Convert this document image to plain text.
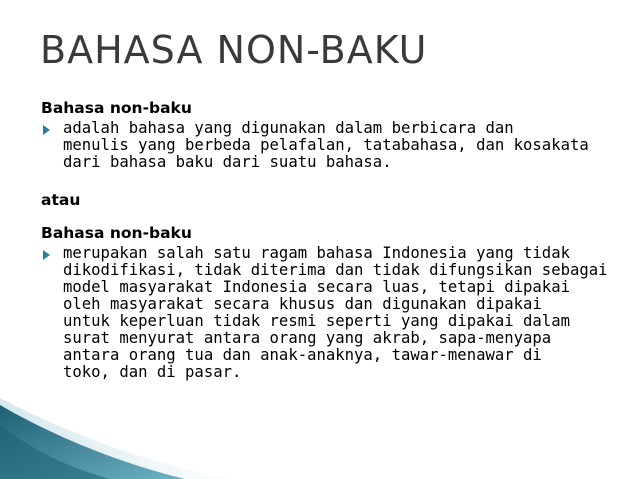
BAHASA NON-BAKU

Bahasa non-baku

adalah bahasa yang digunakan dalam berbicara dan

menulis yang berbeda pelafalan, tatabahasa, dan kosakata

dari bahasa baku dari suatu bahasa.

atau

Bahasa non-baku

merupakan salah satu ragam bahasa Indonesia yang tidak

dikodifikasi, tidak diterima dan tidak difungsikan sebagai

model masyarakat Indonesia secara luas, tetapi dipakai

oleh masyarakat secara khusus dan digunakan dipakai

untuk keperluan tidak resmi seperti yang dipakai dalam

surat menyurat antara orang yang akrab, sapa-menyapa

antara orang tua dan anak-anaknya, tawar-menawar di

toko, dan di pasar.
